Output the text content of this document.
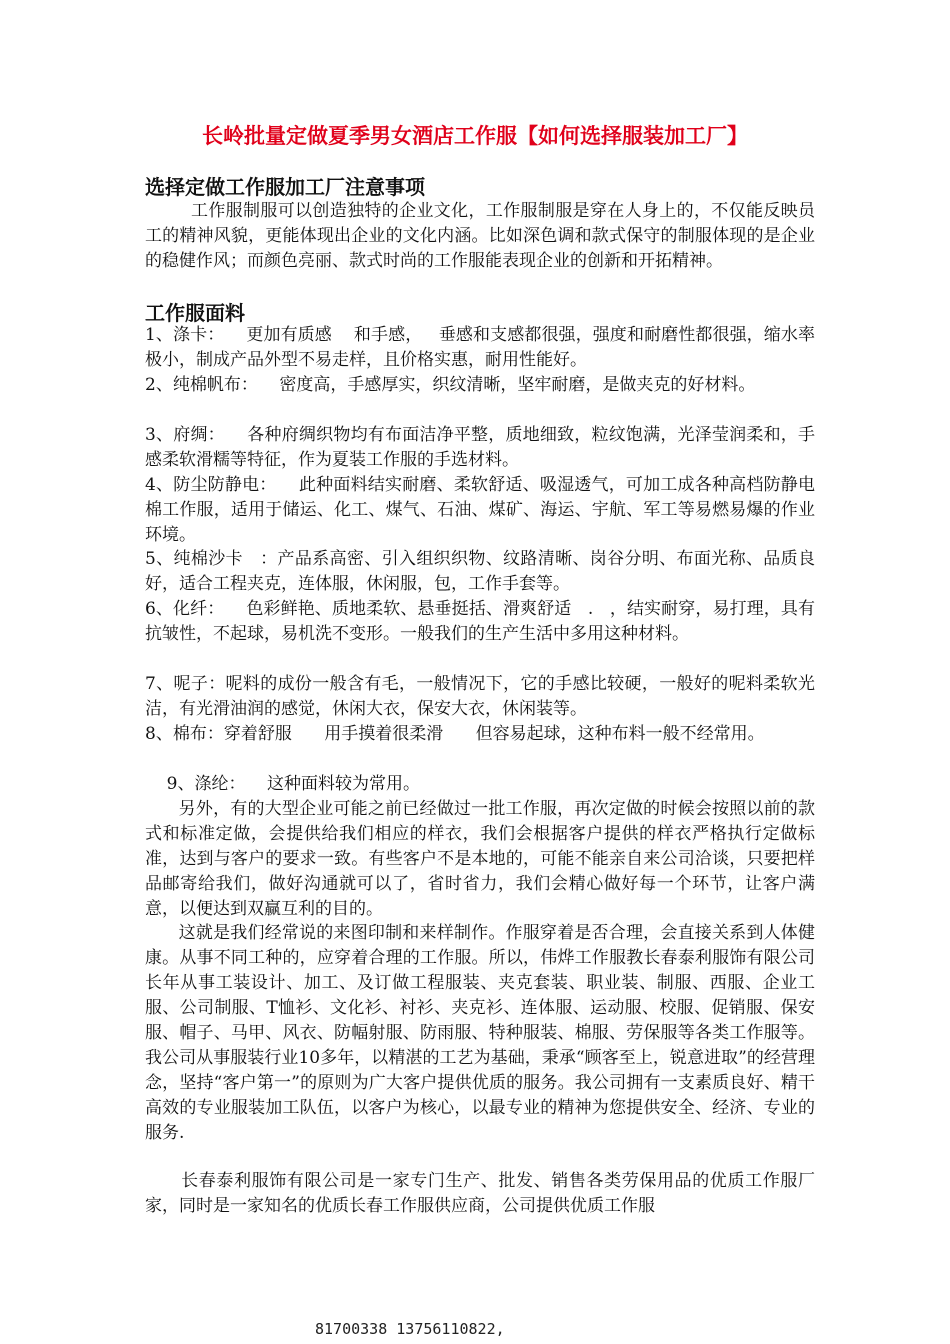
长岭批量定做夏季男女酒店工作服【如何选择服装加工厂】
选择定做工作服加工厂注意事项
工作服制服可以创造独特的企业文化，工作服制服是穿在人身上的，不仅能反映员工的精神风貌，更能体现出企业的文化内涵。比如深色调和款式保守的制服体现的是企业的稳健作风；而颜色亮丽、款式时尚的工作服能表现企业的创新和开拓精神。
工作服面料
1、涤卡：    更加有质感    和手感，   垂感和支感都很强，强度和耐磨性都很强，缩水率极小，制成产品外型不易走样，且价格实惠，耐用性能好。
2、纯棉帆布：    密度高，手感厚实，织纹清晰，坚牢耐磨，是做夹克的好材料。
3、府绸：    各种府绸织物均有布面洁净平整，质地细致，粒纹饱满，光泽莹润柔和，手感柔软滑糯等特征，作为夏装工作服的手选材料。
4、防尘防静电：    此种面料结实耐磨、柔软舒适、吸湿透气，可加工成各种高档防静电棉工作服，适用于储运、化工、煤气、石油、煤矿、海运、宇航、军工等易燃易爆的作业环境。
5、纯棉沙卡   ：产品系高密、引入组织织物、纹路清晰、岗谷分明、布面光称、品质良好，适合工程夹克，连体服，休闲服，包，工作手套等。
6、化纤：    色彩鲜艳、质地柔软、悬垂挺括、滑爽舒适   .   ，结实耐穿，易打理，具有抗皱性，不起球，易机洗不变形。一般我们的生产生活中多用这种材料。
7、呢子：呢料的成份一般含有毛，一般情况下，它的手感比较硬，一般好的呢料柔软光洁，有光滑油润的感觉，休闲大衣，保安大衣，休闲装等。
8、棉布：穿着舒服      用手摸着很柔滑      但容易起球，这种布料一般不经常用。
9、涤纶：    这种面料较为常用。
另外，有的大型企业可能之前已经做过一批工作服，再次定做的时候会按照以前的款式和标准定做，会提供给我们相应的样衣，我们会根据客户提供的样衣严格执行定做标准，达到与客户的要求一致。有些客户不是本地的，可能不能亲自来公司洽谈，只要把样品邮寄给我们，做好沟通就可以了，省时省力，我们会精心做好每一个环节，让客户满意，以便达到双赢互利的目的。
这就是我们经常说的来图印制和来样制作。作服穿着是否合理，会直接关系到人体健康。从事不同工种的，应穿着合理的工作服。所以，伟烨工作服教长春泰利服饰有限公司长年从事工装设计、加工、及订做工程服装、夹克套装、职业装、制服、西服、企业工服、公司制服、T恤衫、文化衫、衬衫、夹克衫、连体服、运动服、校服、促销服、保安服、帽子、马甲、风衣、防幅射服、防雨服、特种服装、棉服、劳保服等各类工作服等。我公司从事服装行业10多年，以精湛的工艺为基础，秉承“顾客至上，锐意进取”的经营理念，坚持“客户第一”的原则为广大客户提供优质的服务。我公司拥有一支素质良好、精干高效的专业服装加工队伍，以客户为核心，以最专业的精神为您提供安全、经济、专业的服务.
长春泰利服饰有限公司是一家专门生产、批发、销售各类劳保用品的优质工作服厂家，同时是一家知名的优质长春工作服供应商，公司提供优质工作服
81700338 13756110822,
